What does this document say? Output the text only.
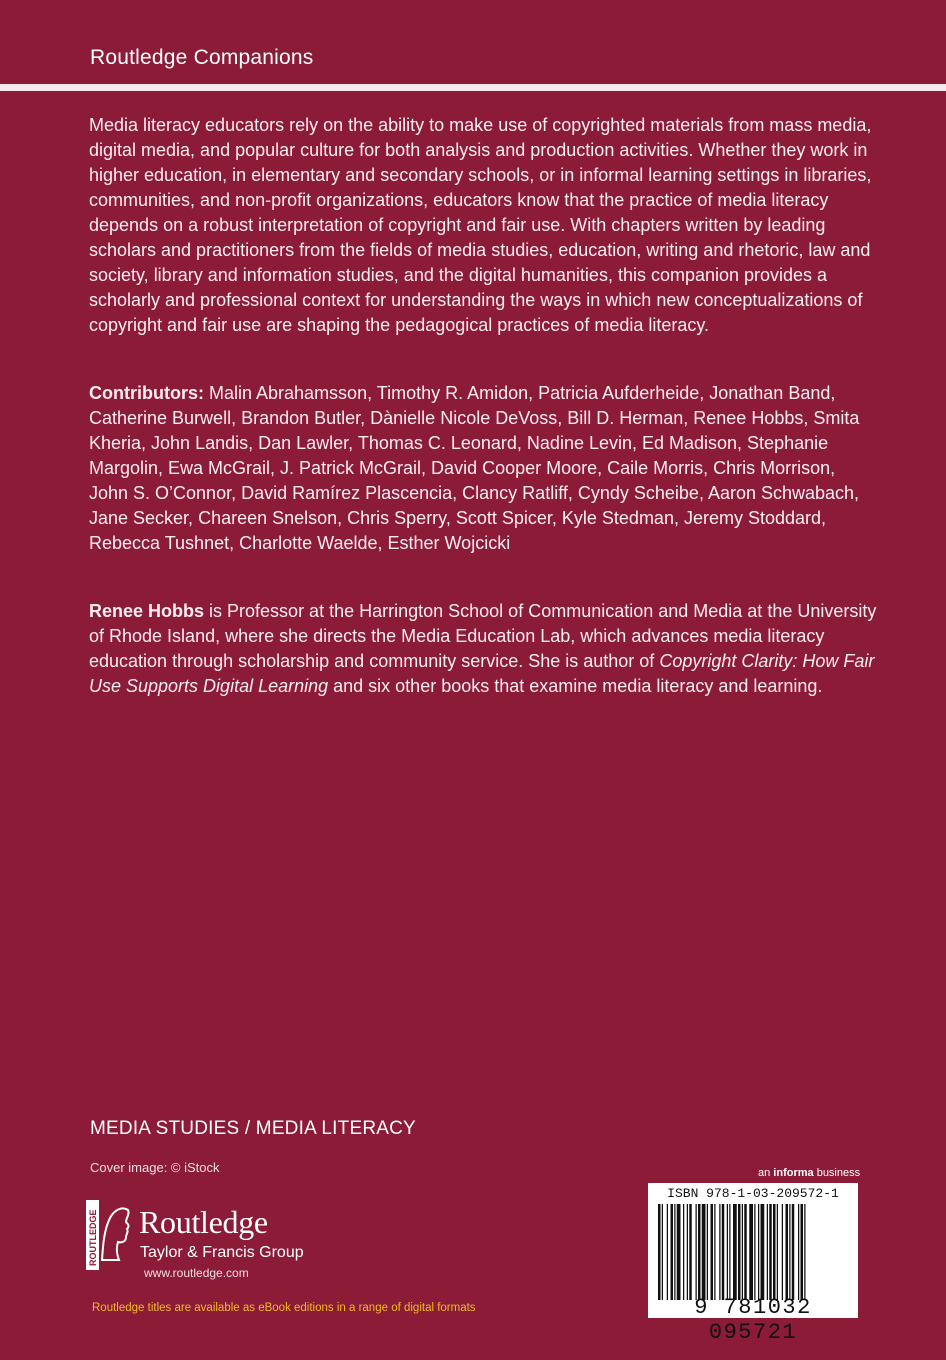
Routledge Companions

Media literacy educators rely on the ability to make use of copyrighted materials from mass media, digital media, and popular culture for both analysis and production activities. Whether they work in higher education, in elementary and secondary schools, or in informal learning settings in libraries, communities, and non-profit organizations, educators know that the practice of media literacy depends on a robust interpretation of copyright and fair use. With chapters written by leading scholars and practitioners from the fields of media studies, education, writing and rhetoric, law and society, library and information studies, and the digital humanities, this companion provides a scholarly and professional context for understanding the ways in which new conceptualizations of copyright and fair use are shaping the pedagogical practices of media literacy.

Contributors: Malin Abrahamsson, Timothy R. Amidon, Patricia Aufderheide, Jonathan Band, Catherine Burwell, Brandon Butler, Dànielle Nicole DeVoss, Bill D. Herman, Renee Hobbs, Smita Kheria, John Landis, Dan Lawler, Thomas C. Leonard, Nadine Levin, Ed Madison, Stephanie Margolin, Ewa McGrail, J. Patrick McGrail, David Cooper Moore, Caile Morris, Chris Morrison, John S. O’Connor, David Ramírez Plascencia, Clancy Ratliff, Cyndy Scheibe, Aaron Schwabach, Jane Secker, Chareen Snelson, Chris Sperry, Scott Spicer, Kyle Stedman, Jeremy Stoddard, Rebecca Tushnet, Charlotte Waelde, Esther Wojcicki

Renee Hobbs is Professor at the Harrington School of Communication and Media at the University of Rhode Island, where she directs the Media Education Lab, which advances media literacy education through scholarship and community service. She is author of Copyright Clarity: How Fair Use Supports Digital Learning and six other books that examine media literacy and learning.

MEDIA STUDIES / MEDIA LITERACY
Cover image: © iStock
ROUTLEDGE Routledge
Taylor & Francis Group
www.routledge.com
Routledge titles are available as eBook editions in a range of digital formats
an informa business
ISBN 978-1-03-209572-1
9 781032 095721
